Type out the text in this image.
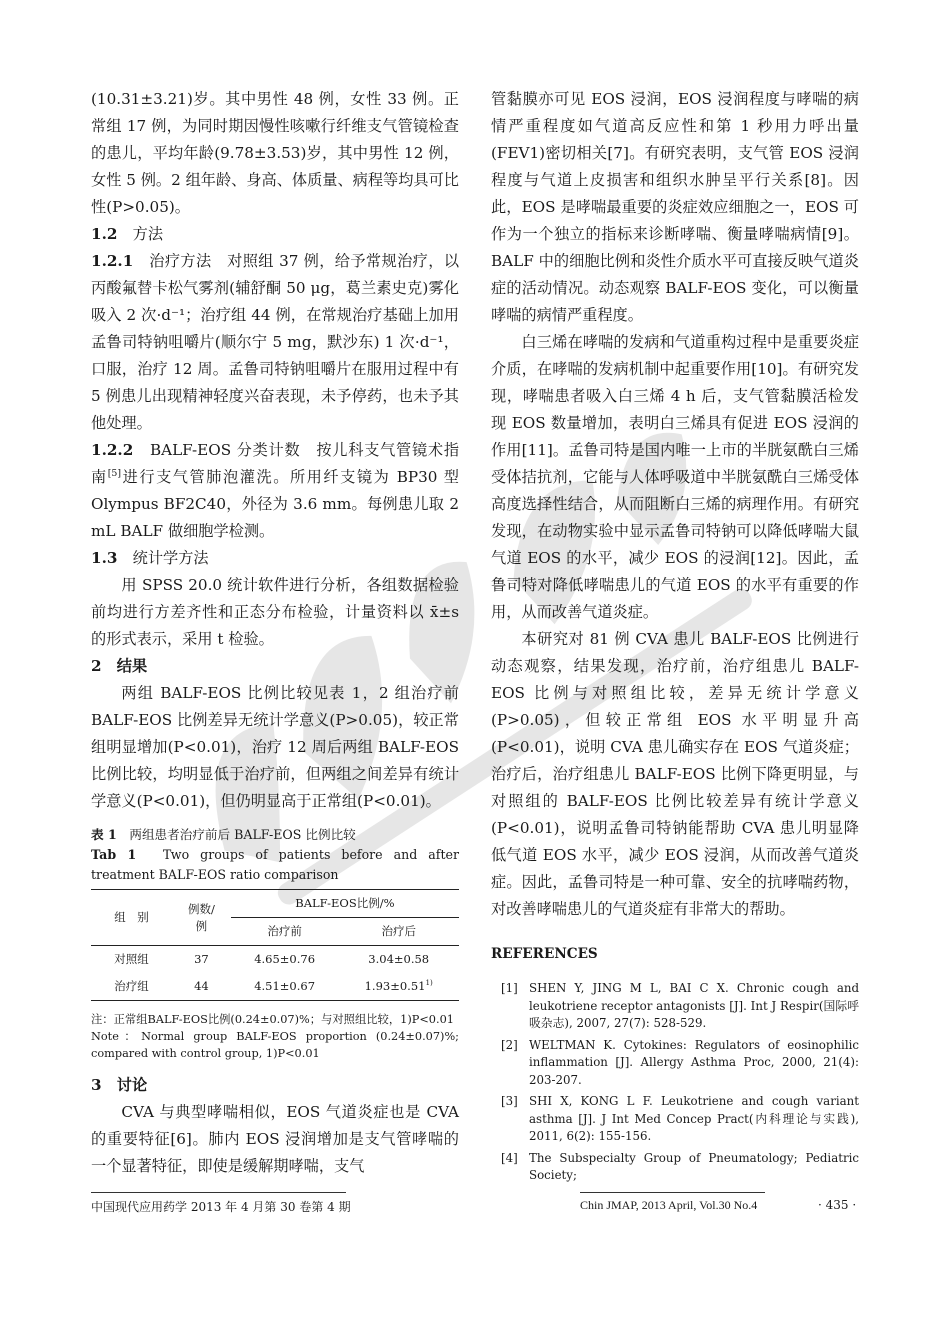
(10.31±3.21)岁。其中男性 48 例，女性 33 例。正常组 17 例，为同时期因慢性咳嗽行纤维支气管镜检查的患儿，平均年龄(9.78±3.53)岁，其中男性 12 例，女性 5 例。2 组年龄、身高、体质量、病程等均具可比性(P>0.05)。

1.2　 方法

1.2.1　 治疗方法　 对照组 37 例，给予常规治疗，以丙酸氟替卡松气雾剂(辅舒酮 50 μg，葛兰素史克)雾化吸入 2 次·d⁻¹；治疗组 44 例，在常规治疗基础上加用孟鲁司特钠咀嚼片(顺尔宁 5 mg，默沙东) 1 次·d⁻¹，口服，治疗 12 周。孟鲁司特钠咀嚼片在服用过程中有 5 例患儿出现精神轻度兴奋表现，未予停药，也未予其他处理。

1.2.2　 BALF-EOS 分类计数　 按儿科支气管镜术指南[5]进行支气管肺泡灌洗。所用纤支镜为 BP30 型 Olympus BF2C40，外径为 3.6 mm。每例患儿取 2 mL BALF 做细胞学检测。

1.3　 统计学方法

用 SPSS 20.0 统计软件进行分析，各组数据检验前均进行方差齐性和正态分布检验，计量资料以 x̄±s 的形式表示，采用 t 检验。

2　结果

两组 BALF-EOS 比例比较见表 1，2 组治疗前 BALF-EOS 比例差异无统计学意义(P>0.05)，较正常组明显增加(P<0.01)，治疗 12 周后两组 BALF-EOS 比例比较，均明显低于治疗前，但两组之间差异有统计学意义(P<0.01)，但仍明显高于正常组(P<0.01)。

表 1　 两组患者治疗前后 BALF-EOS 比例比较
Tab 1　 Two groups of patients before and after treatment BALF-EOS ratio comparison
组　别	例数/
例	BALF-EOS比例/%	
		治疗前	治疗后
对照组	37	4.65±0.76	3.04±0.58
治疗组	44	4.51±0.67	$1.93\pm 0.51^{1)}$
注：正常组BALF-EOS比例(0.24±0.07)%；与对照组比较，1)P<0.01
Note：Normal group BALF-EOS proportion (0.24±0.07)%; compared with control group, 1)P<0.01

3　讨论

CVA 与典型哮喘相似，EOS 气道炎症也是 CVA 的重要特征[6]。肺内 EOS 浸润增加是支气管哮喘的一个显著特征，即使是缓解期哮喘，支气

管黏膜亦可见 EOS 浸润，EOS 浸润程度与哮喘的病情严重程度如气道高反应性和第 1 秒用力呼出量(FEV1)密切相关[7]。有研究表明，支气管 EOS 浸润程度与气道上皮损害和组织水肿呈平行关系[8]。因此，EOS 是哮喘最重要的炎症效应细胞之一，EOS 可作为一个独立的指标来诊断哮喘、衡量哮喘病情[9]。BALF 中的细胞比例和炎性介质水平可直接反映气道炎症的活动情况。动态观察 BALF-EOS 变化，可以衡量哮喘的病情严重程度。

白三烯在哮喘的发病和气道重构过程中是重要炎症介质，在哮喘的发病机制中起重要作用[10]。有研究发现，哮喘患者吸入白三烯 4 h 后，支气管黏膜活检发现 EOS 数量增加，表明白三烯具有促进 EOS 浸润的作用[11]。孟鲁司特是国内唯一上市的半胱氨酰白三烯受体拮抗剂，它能与人体呼吸道中半胱氨酰白三烯受体高度选择性结合，从而阻断白三烯的病理作用。有研究发现，在动物实验中显示孟鲁司特钠可以降低哮喘大鼠气道 EOS 的水平，减少 EOS 的浸润[12]。因此，孟鲁司特对降低哮喘患儿的气道 EOS 的水平有重要的作用，从而改善气道炎症。

本研究对 81 例 CVA 患儿 BALF-EOS 比例进行动态观察，结果发现，治疗前，治疗组患儿 BALF- EOS 比例与对照组比较，差异无统计学意义(P>0.05)，但较正常组 EOS 水平明显升高(P<0.01)，说明 CVA 患儿确实存在 EOS 气道炎症；治疗后，治疗组患儿 BALF-EOS 比例下降更明显，与对照组的 BALF-EOS 比例比较差异有统计学意义(P<0.01)，说明孟鲁司特钠能帮助 CVA 患儿明显降低气道 EOS 水平，减少 EOS 浸润，从而改善气道炎症。因此，孟鲁司特是一种可靠、安全的抗哮喘药物，对改善哮喘患儿的气道炎症有非常大的帮助。

REFERENCES
[1] SHEN Y, JING M L, BAI C X. Chronic cough and leukotriene receptor antagonists [J]. Int J Respir(国际呼吸杂志), 2007, 27(7): 528-529.
[2] WELTMAN K. Cytokines: Regulators of eosinophilic inflammation [J]. Allergy Asthma Proc, 2000, 21(4): 203-207.
[3] SHI X, KONG L F. Leukotriene and cough variant asthma [J]. J Int Med Concep Pract(内科理论与实践), 2011, 6(2): 155-156.
[4] The Subspecialty Group of Pneumatology; Pediatric Society;
中国现代应用药学 2013 年 4 月第 30 卷第 4 期	Chin JMAP, 2013 April, Vol.30 No.4	· 435 ·
